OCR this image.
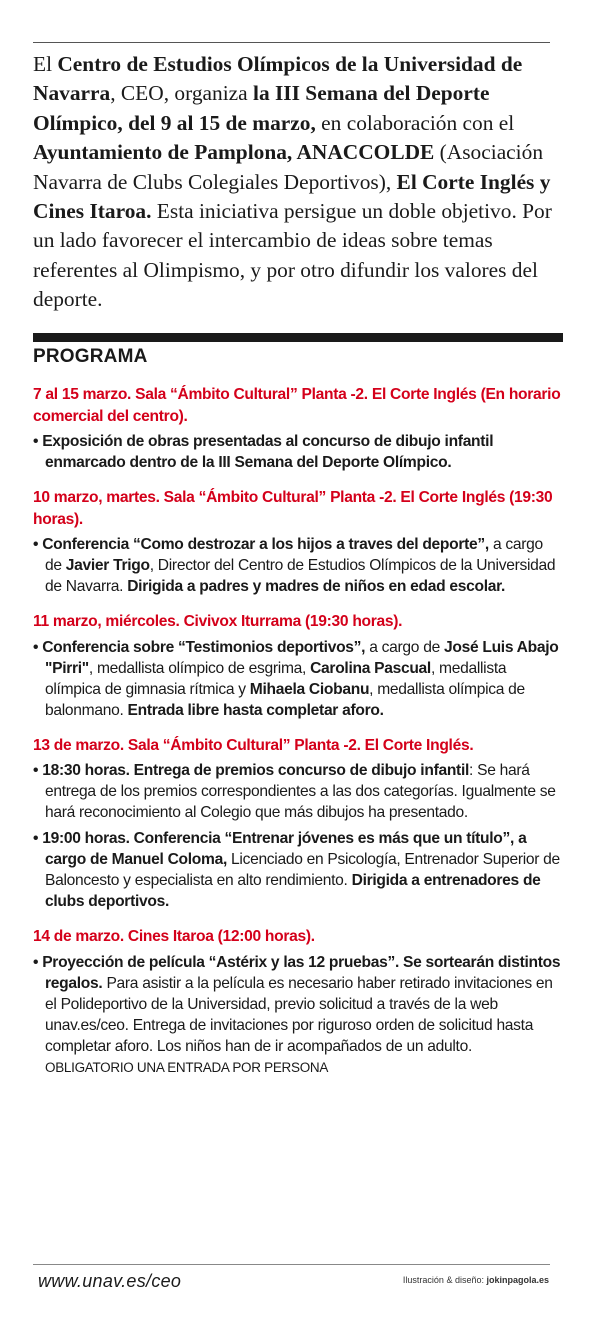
El Centro de Estudios Olímpicos de la Universidad de Navarra, CEO, organiza la III Semana del Deporte Olímpico, del 9 al 15 de marzo, en colaboración con el Ayuntamiento de Pamplona, ANACCOLDE (Asociación Navarra de Clubs Colegiales Deportivos), El Corte Inglés y Cines Itaroa. Esta iniciativa persigue un doble objetivo. Por un lado favorecer el intercambio de ideas sobre temas referentes al Olimpismo, y por otro difundir los valores del deporte.

PROGRAMA

7 al 15 marzo. Sala “Ámbito Cultural” Planta -2. El Corte Inglés (En horario comercial del centro).

• Exposición de obras presentadas al concurso de dibujo infantil enmarcado dentro de la III Semana del Deporte Olímpico.

10 marzo, martes. Sala “Ámbito Cultural” Planta -2. El Corte Inglés (19:30 horas).

• Conferencia “Como destrozar a los hijos a traves del deporte”, a cargo de Javier Trigo, Director del Centro de Estudios Olímpicos de la Universidad de Navarra. Dirigida a padres y madres de niños en edad escolar.

11 marzo, miércoles. Civivox Iturrama (19:30 horas).

• Conferencia sobre “Testimonios deportivos”, a cargo de José Luis Abajo "Pirri", medallista olímpico de esgrima, Carolina Pascual, medallista olímpica de gimnasia rítmica y Mihaela Ciobanu, medallista olímpica de balonmano. Entrada libre hasta completar aforo.

13 de marzo. Sala “Ámbito Cultural” Planta -2. El Corte Inglés.

• 18:30 horas. Entrega de premios concurso de dibujo infantil: Se hará entrega de los premios correspondientes a las dos categorías. Igualmente se hará reconocimiento al Colegio que más dibujos ha presentado.

• 19:00 horas. Conferencia “Entrenar jóvenes es más que un título”, a cargo de Manuel Coloma, Licenciado en Psicología, Entrenador Superior de Baloncesto y especialista en alto rendimiento. Dirigida a entrenadores de clubs deportivos.

14 de marzo. Cines Itaroa (12:00 horas).

• Proyección de película “Astérix y las 12 pruebas”. Se sortearán distintos regalos. Para asistir a la película es necesario haber retirado invitaciones en el Polideportivo de la Universidad, previo solicitud a través de la web unav.es/ceo. Entrega de invitaciones por riguroso orden de solicitud hasta completar aforo. Los niños han de ir acompañados de un adulto. OBLIGATORIO UNA ENTRADA POR PERSONA

www.unav.es/ceo	Ilustración & diseño: jokinpagola.es
